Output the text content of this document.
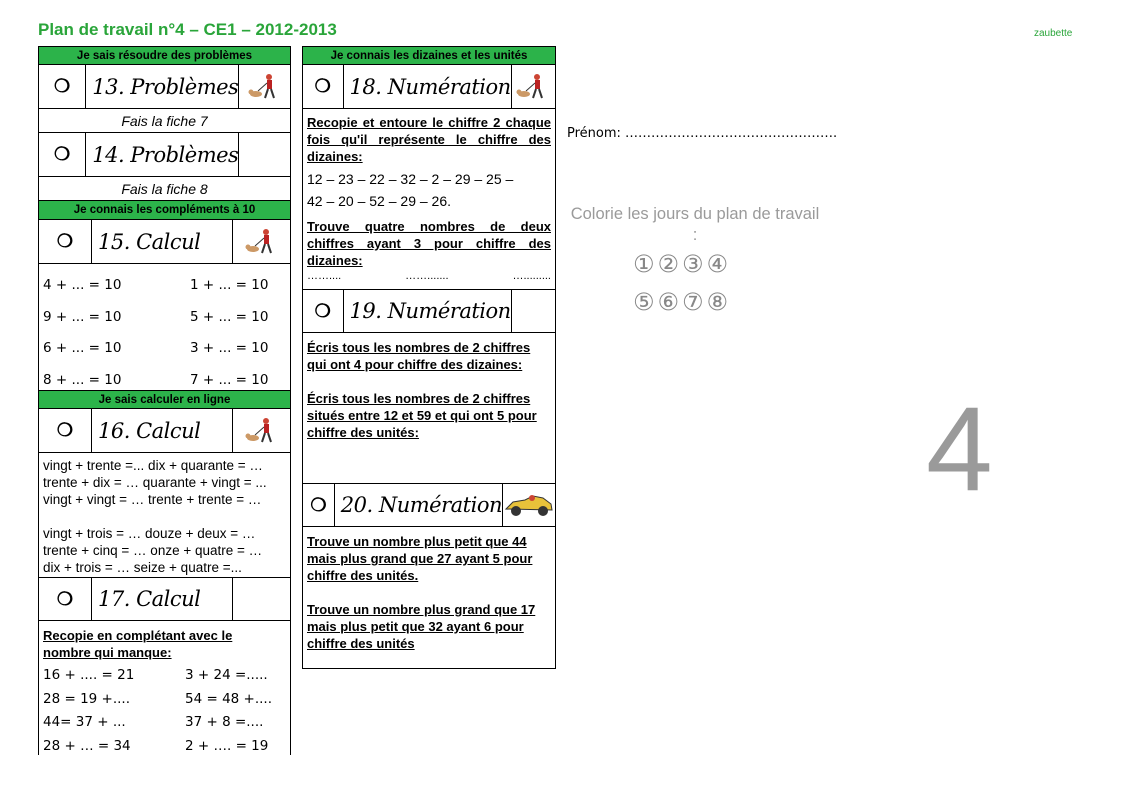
Plan de travail n°4 – CE1 – 2012-2013	zaubette
Je sais résoudre des problèmes
❍	13. Problèmes
Fais la fiche 7
❍	14. Problèmes
Fais la fiche 8
Je connais les compléments à 10
❍	15. Calcul
4 + ... = 10	1 + ... = 10
9 + ... = 10	5 + ... = 10
6 + ... = 10	3 + ... = 10
8 + ... = 10	7 + ... = 10
Je sais calculer en ligne
❍	16. Calcul
vingt + trente =... dix + quarante = …
trente + dix = … quarante + vingt = ...
vingt + vingt = … trente + trente = …
vingt + trois = … douze + deux = …
trente + cinq = … onze + quatre = …
dix + trois = … seize + quatre =...
❍	17. Calcul
Recopie en complétant avec le nombre qui manque:
16 + .... = 21	3 + 24 =.....
28 = 19 +....	54 = 48 +....
44= 37 + ...	37 + 8 =....
28 + … = 34	2 + …. = 19
Je connais les dizaines et les unités
❍ 18. Numération
Recopie et entoure le chiffre 2 chaque fois qu'il représente le chiffre des dizaines:
12 – 23 – 22 – 32 – 2 – 29 – 25 –
42 – 20 – 52 – 29 – 26.
Trouve quatre nombres de deux chiffres ayant 3 pour chiffre des dizaines:
……....	…….......	….........
❍ 19. Numération
Écris tous les nombres de 2 chiffres qui ont 4 pour chiffre des dizaines:
Écris tous les nombres de 2 chiffres situés entre 12 et 59 et qui ont 5 pour chiffre des unités:
❍ 20. Numération
Trouve un nombre plus petit que 44 mais plus grand que 27 ayant 5 pour chiffre des unités.
Trouve un nombre plus grand que 17 mais plus petit que 32 ayant 6 pour chiffre des unités
Prénom: ………………………………………….
Colorie les jours du plan de travail :
①②③④
⑤⑥⑦⑧
4
